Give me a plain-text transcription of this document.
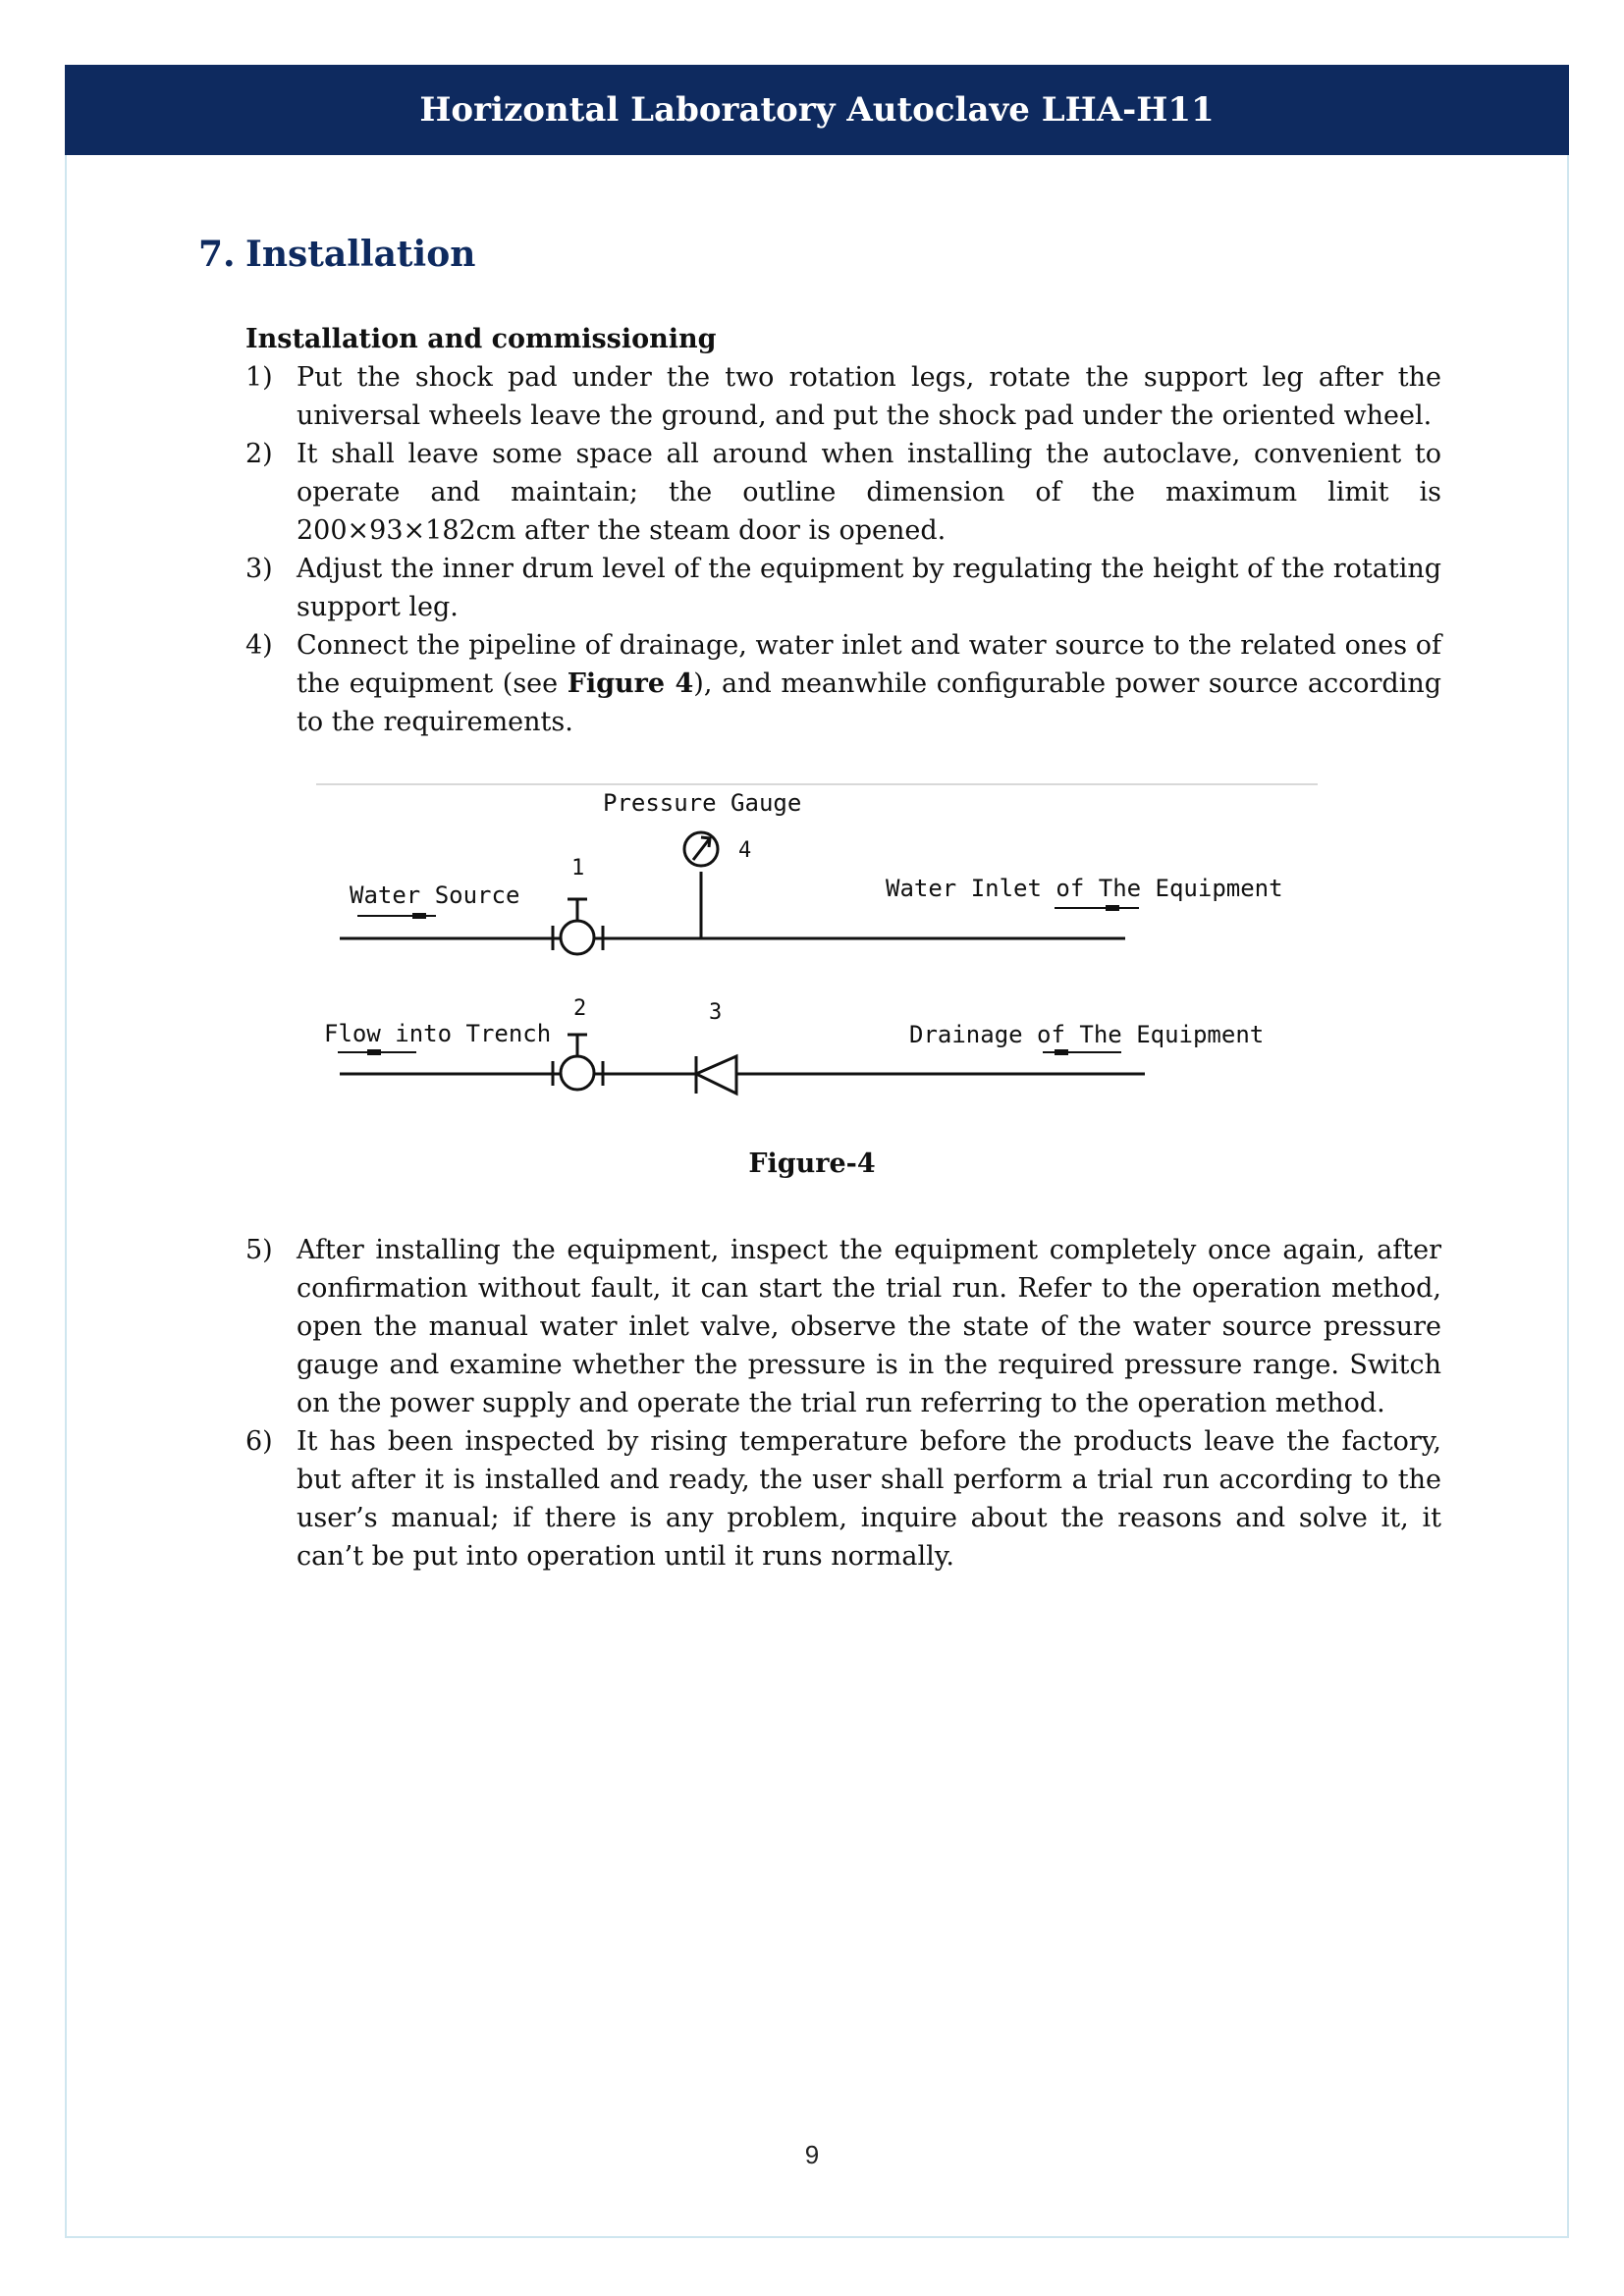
Horizontal Laboratory Autoclave LHA-H11
7. Installation

Installation and commissioning

1) Put the shock pad under the two rotation legs, rotate the support leg after the universal wheels leave the ground, and put the shock pad under the oriented wheel.
2) It shall leave some space all around when installing the autoclave, convenient to operate and maintain; the outline dimension of the maximum limit is 200×93×182cm after the steam door is opened.
3) Adjust the inner drum level of the equipment by regulating the height of the rotating support leg.
4) Connect the pipeline of drainage, water inlet and water source to the related ones of the equipment (see Figure 4), and meanwhile configurable power source according to the requirements.
Pressure Gauge
4
1
Water Source	Water Inlet of The Equipment
2	3
Flow into Trench	Drainage of The Equipment
Figure-4
5) After installing the equipment, inspect the equipment completely once again, after confirmation without fault, it can start the trial run. Refer to the operation method, open the manual water inlet valve, observe the state of the water source pressure gauge and examine whether the pressure is in the required pressure range. Switch on the power supply and operate the trial run referring to the operation method.
6) It has been inspected by rising temperature before the products leave the factory, but after it is installed and ready, the user shall perform a trial run according to the user’s manual; if there is any problem, inquire about the reasons and solve it, it can’t be put into operation until it runs normally.
9
